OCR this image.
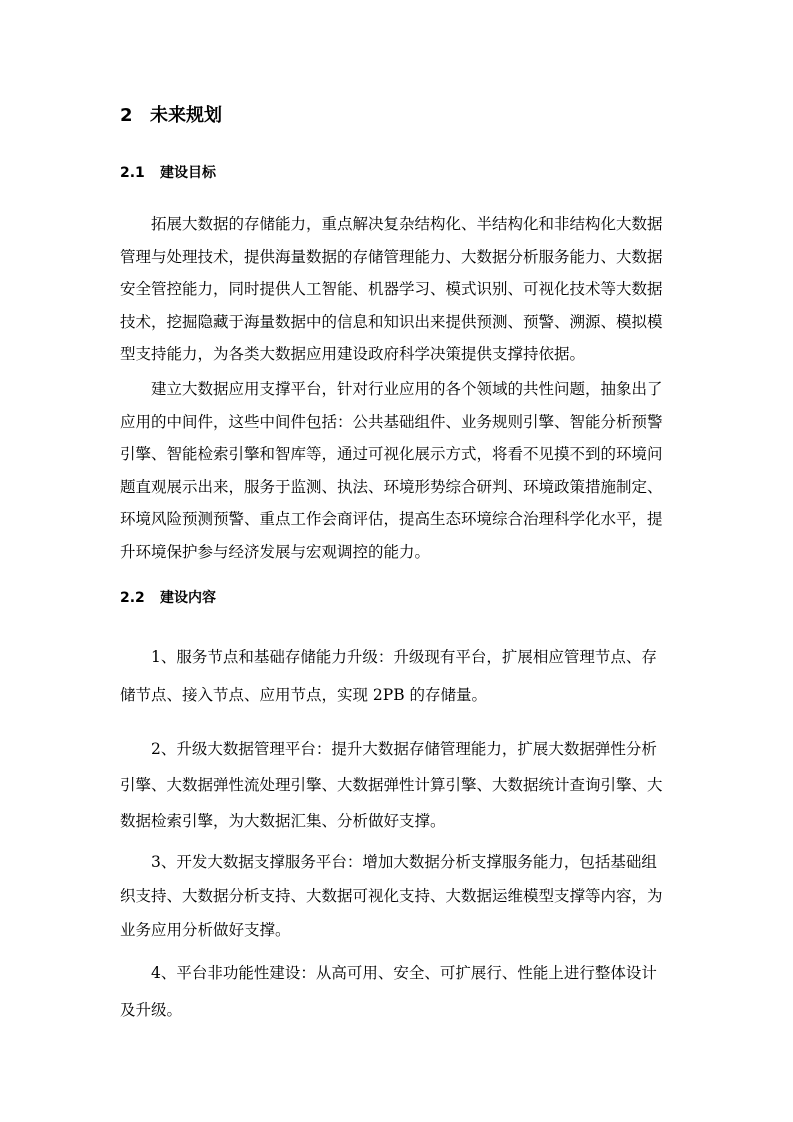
2 未来规划
2.1 建设目标
拓展大数据的存储能力，重点解决复杂结构化、半结构化和非结构化大数据
管理与处理技术，提供海量数据的存储管理能力、大数据分析服务能力、大数据
安全管控能力，同时提供人工智能、机器学习、模式识别、可视化技术等大数据
技术，挖掘隐藏于海量数据中的信息和知识出来提供预测、预警、溯源、模拟模
型支持能力，为各类大数据应用建设政府科学决策提供支撑持依据。
建立大数据应用支撑平台，针对行业应用的各个领域的共性问题，抽象出了
应用的中间件，这些中间件包括：公共基础组件、业务规则引擎、智能分析预警
引擎、智能检索引擎和智库等，通过可视化展示方式，将看不见摸不到的环境问
题直观展示出来，服务于监测、执法、环境形势综合研判、环境政策措施制定、
环境风险预测预警、重点工作会商评估，提高生态环境综合治理科学化水平，提
升环境保护参与经济发展与宏观调控的能力。
2.2 建设内容
1、服务节点和基础存储能力升级：升级现有平台，扩展相应管理节点、存
储节点、接入节点、应用节点，实现 2PB 的存储量。
2、升级大数据管理平台：提升大数据存储管理能力，扩展大数据弹性分析
引擎、大数据弹性流处理引擎、大数据弹性计算引擎、大数据统计查询引擎、大
数据检索引擎，为大数据汇集、分析做好支撑。
3、开发大数据支撑服务平台：增加大数据分析支撑服务能力，包括基础组
织支持、大数据分析支持、大数据可视化支持、大数据运维模型支撑等内容，为
业务应用分析做好支撑。
4、平台非功能性建设：从高可用、安全、可扩展行、性能上进行整体设计
及升级。
